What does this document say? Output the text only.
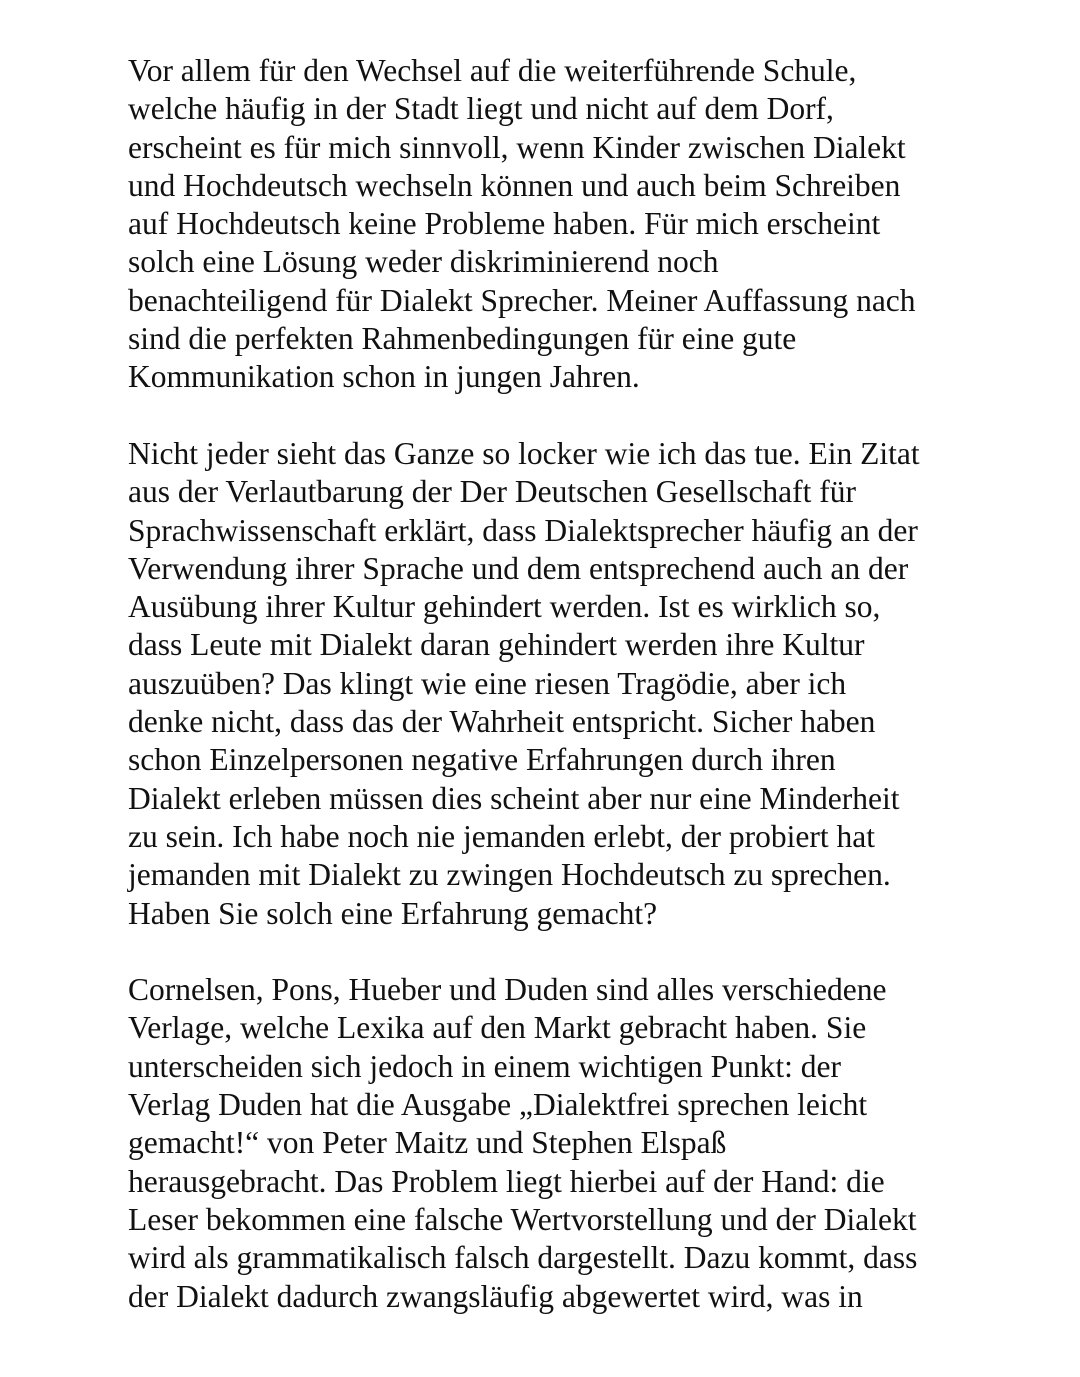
Vor allem für den Wechsel auf die weiterführende Schule,
welche häufig in der Stadt liegt und nicht auf dem Dorf,
erscheint es für mich sinnvoll, wenn Kinder zwischen Dialekt
und Hochdeutsch wechseln können und auch beim Schreiben
auf Hochdeutsch keine Probleme haben. Für mich erscheint
solch eine Lösung weder diskriminierend noch
benachteiligend für Dialekt Sprecher. Meiner Auffassung nach
sind die perfekten Rahmenbedingungen für eine gute
Kommunikation schon in jungen Jahren.

Nicht jeder sieht das Ganze so locker wie ich das tue. Ein Zitat
aus der Verlautbarung der Der Deutschen Gesellschaft für
Sprachwissenschaft erklärt, dass Dialektsprecher häufig an der
Verwendung ihrer Sprache und dem entsprechend auch an der
Ausübung ihrer Kultur gehindert werden. Ist es wirklich so,
dass Leute mit Dialekt daran gehindert werden ihre Kultur
auszuüben? Das klingt wie eine riesen Tragödie, aber ich
denke nicht, dass das der Wahrheit entspricht. Sicher haben
schon Einzelpersonen negative Erfahrungen durch ihren
Dialekt erleben müssen dies scheint aber nur eine Minderheit
zu sein. Ich habe noch nie jemanden erlebt, der probiert hat
jemanden mit Dialekt zu zwingen Hochdeutsch zu sprechen.
Haben Sie solch eine Erfahrung gemacht?

Cornelsen, Pons, Hueber und Duden sind alles verschiedene
Verlage, welche Lexika auf den Markt gebracht haben. Sie
unterscheiden sich jedoch in einem wichtigen Punkt: der
Verlag Duden hat die Ausgabe „Dialektfrei sprechen leicht
gemacht!“ von Peter Maitz und Stephen Elspaß
herausgebracht. Das Problem liegt hierbei auf der Hand: die
Leser bekommen eine falsche Wertvorstellung und der Dialekt
wird als grammatikalisch falsch dargestellt. Dazu kommt, dass
der Dialekt dadurch zwangsläufig abgewertet wird, was in
